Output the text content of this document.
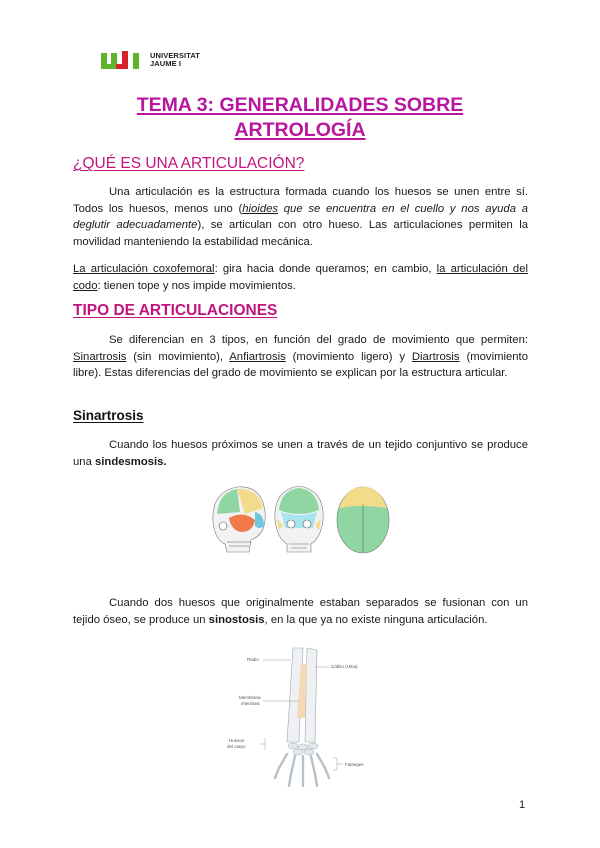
UNIVERSITAT
JAUME I
TEMA 3: GENERALIDADES SOBRE
ARTROLOGÍA
¿QUÉ ES UNA ARTICULACIÓN?
Una articulación es la estructura formada cuando los huesos se unen entre sí. Todos los huesos, menos uno (hioides que se encuentra en el cuello y nos ayuda a deglutir adecuadamente), se articulan con otro hueso. Las articulaciones permiten la movilidad manteniendo la estabilidad mecánica.
La articulación coxofemoral: gira hacia donde queramos; en cambio, la articulación del codo: tienen tope y nos impide movimientos.
TIPO DE ARTICULACIONES
Se diferencian en 3 tipos, en función del grado de movimiento que permiten: Sinartrosis (sin movimiento), Anfiartrosis (movimiento ligero) y Diartrosis (movimiento libre). Estas diferencias del grado de movimiento se explican por la estructura articular.
Sinartrosis
Cuando los huesos próximos se unen a través de un tejido conjuntivo se produce una sindesmosis.
Cuando dos huesos que originalmente estaban separados se fusionan con un tejido óseo, se produce un sinostosis, en la que ya no existe ninguna articulación.
Radio
Cúbito (Ulna)
Membrana
interósea
Huesos
del carpo
Falanges
1
